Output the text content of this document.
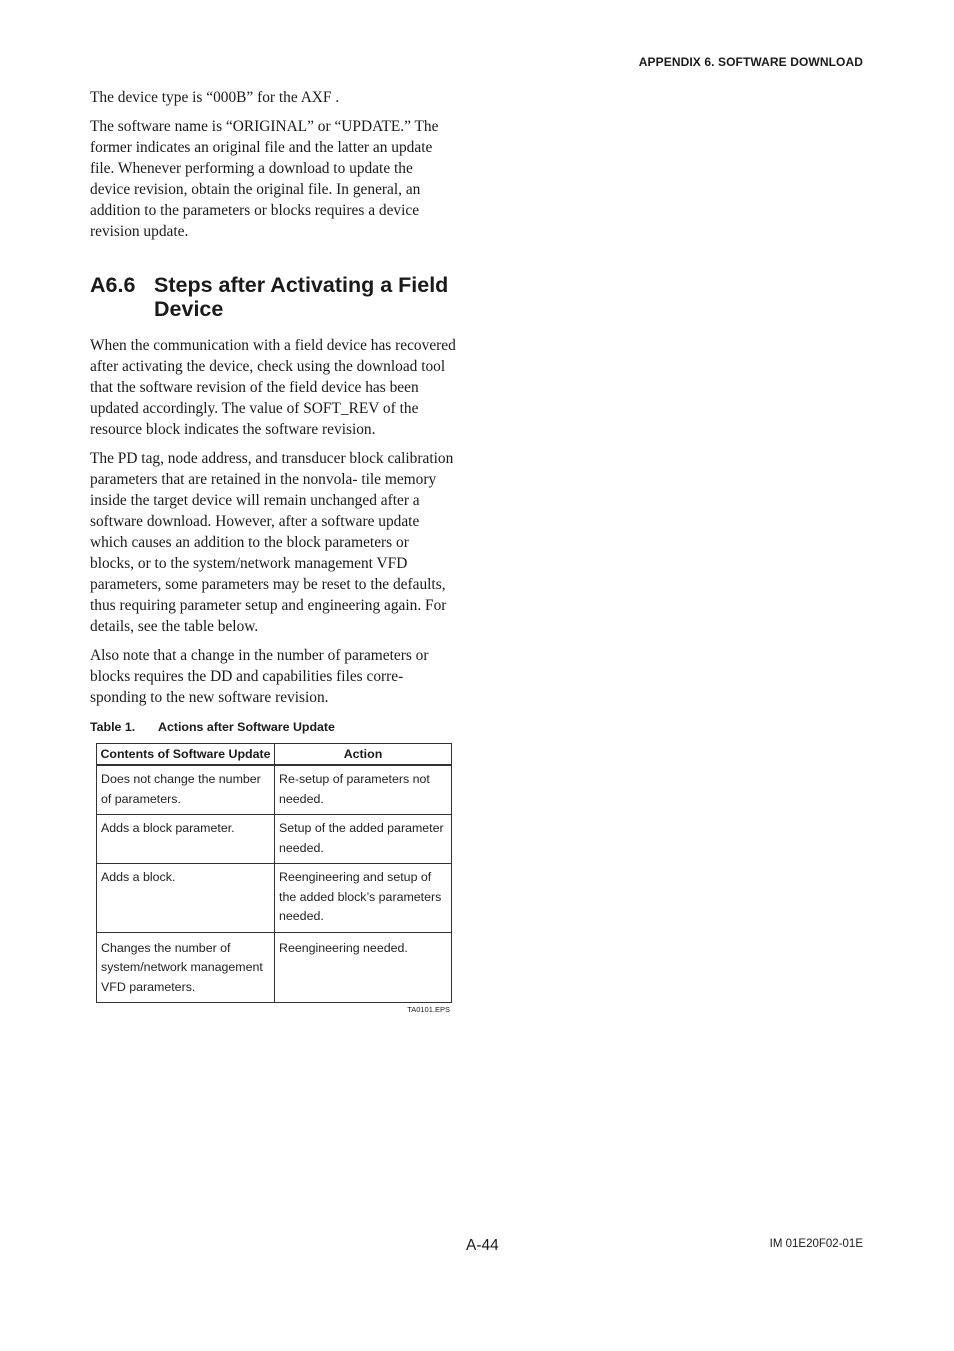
APPENDIX 6. SOFTWARE DOWNLOAD

The device type is “000B” for the AXF .

The software name is “ORIGINAL” or “UPDATE.” The former indicates an original file and the latter an update file. Whenever performing a download to update the device revision, obtain the original file. In general, an addition to the parameters or blocks requires a device revision update.

A6.6 Steps after Activating a Field Device

When the communication with a field device has recovered after activating the device, check using the download tool that the software revision of the field device has been updated accordingly. The value of SOFT_REV of the resource block indicates the software revision.

The PD tag, node address, and transducer block calibration parameters that are retained in the nonvola- tile memory inside the target device will remain unchanged after a software download. However, after a software update which causes an addition to the block parameters or blocks, or to the system/network management VFD parameters, some parameters may be reset to the defaults, thus requiring parameter setup and engineering again. For details, see the table below.

Also note that a change in the number of parameters or blocks requires the DD and capabilities files corre- sponding to the new software revision.

Table 1.	Actions after Software Update
Contents of Software Update	Action
Does not change the number of parameters.	Re-setup of parameters not needed.
Adds a block parameter.	Setup of the added parameter needed.
Adds a block.	Reengineering and setup of the added block’s parameters needed.
Changes the number of system/network management VFD parameters.	Reengineering needed.
TA0101.EPS
A-44	IM 01E20F02-01E
